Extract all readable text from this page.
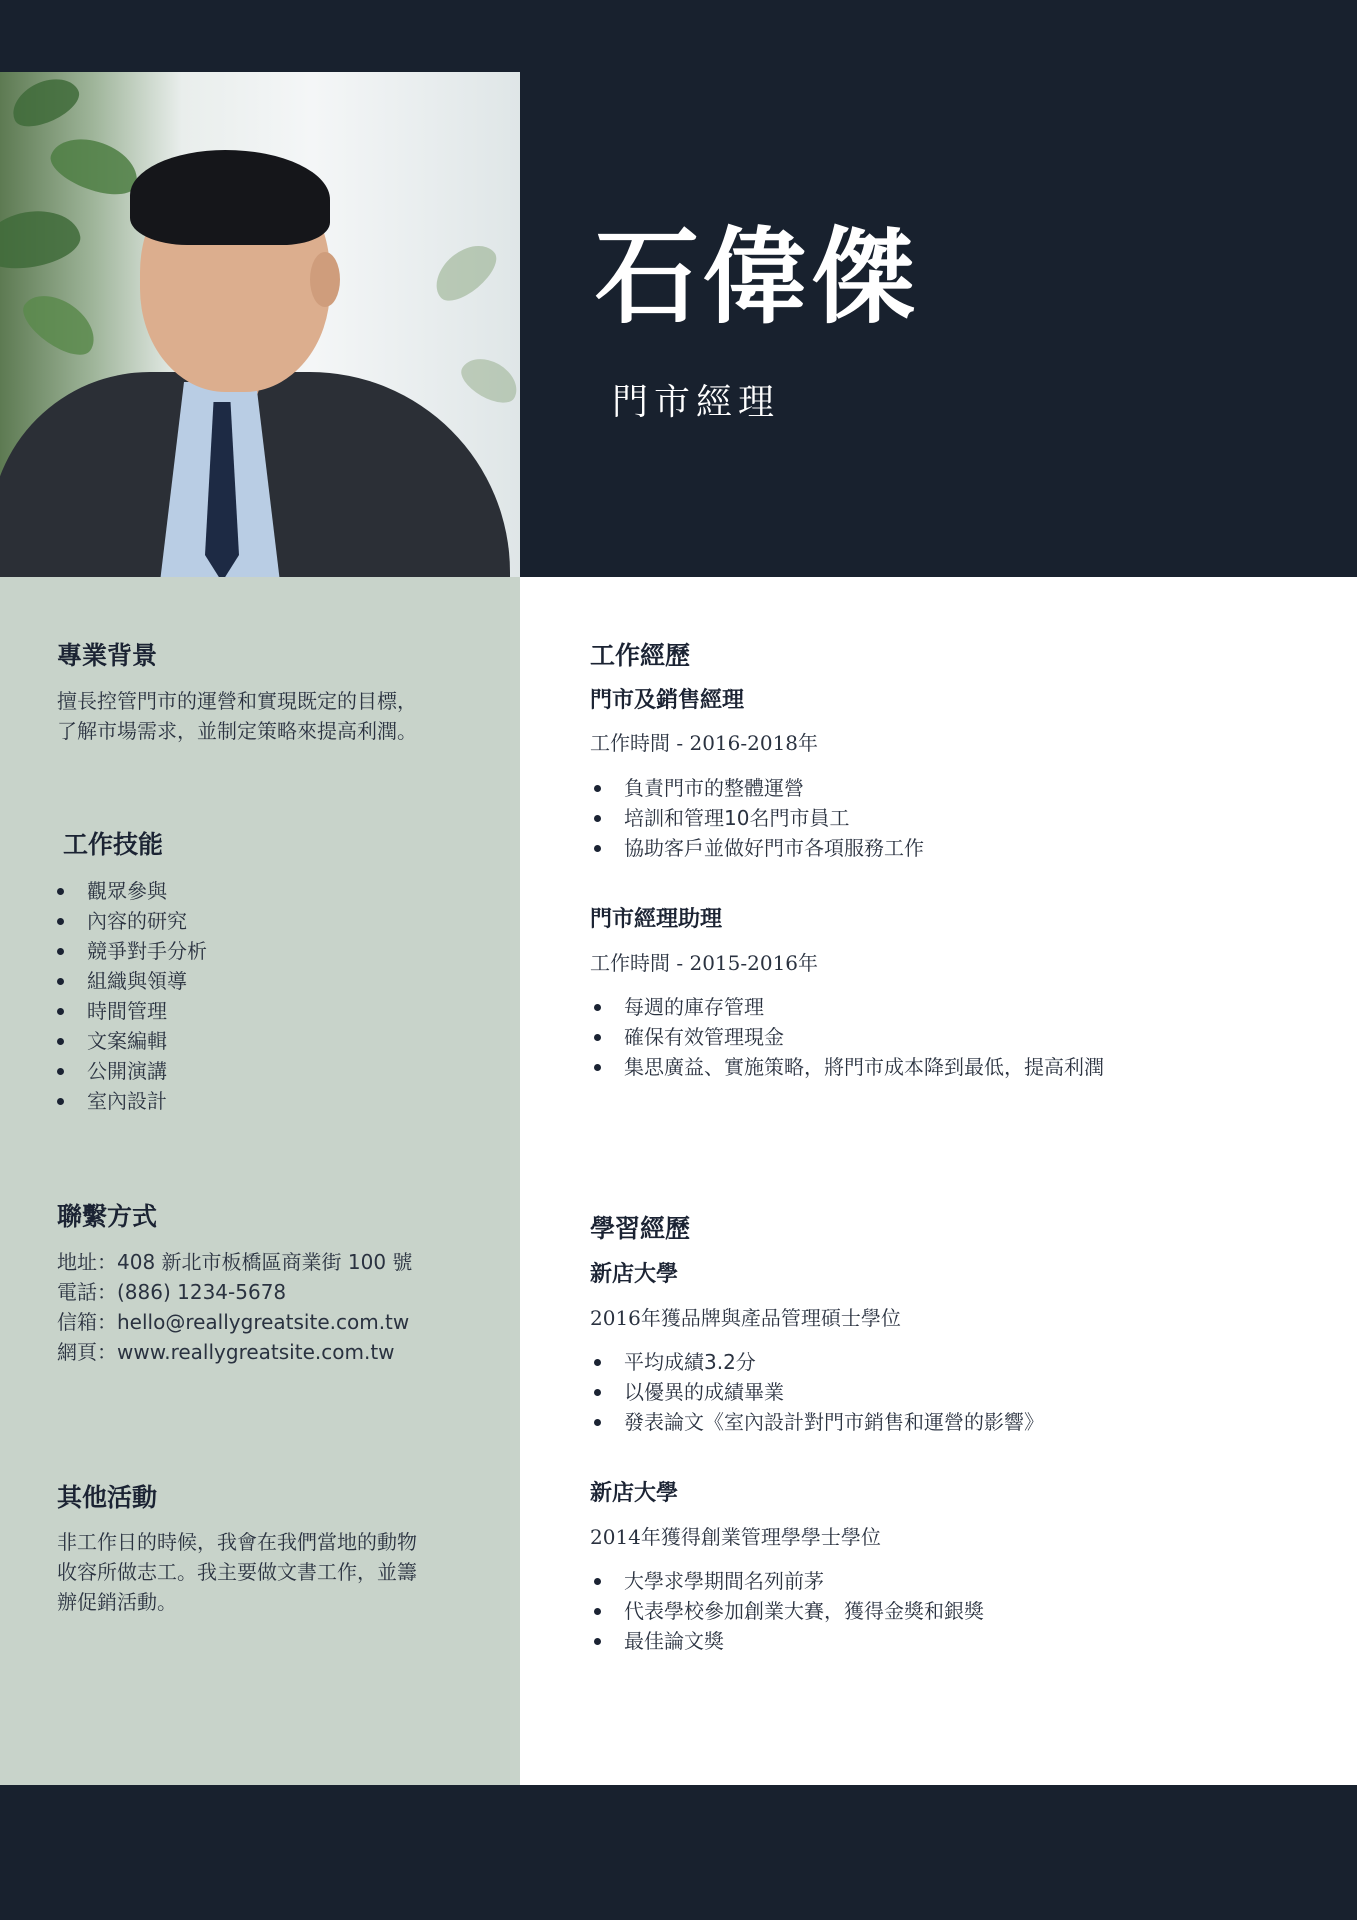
石偉傑
門市經理
專業背景
擅長控管門市的運營和實現既定的目標，
了解市場需求，並制定策略來提高利潤。
工作技能
觀眾參與
內容的研究
競爭對手分析
組織與領導
時間管理
文案編輯
公開演講
室內設計
聯繫方式
地址：408 新北市板橋區商業街 100 號
電話：(886) 1234-5678
信箱：hello@reallygreatsite.com.tw
網頁：www.reallygreatsite.com.tw
其他活動
非工作日的時候，我會在我們當地的動物
收容所做志工。我主要做文書工作，並籌
辦促銷活動。
工作經歷
門市及銷售經理
工作時間 - 2016-2018年
負責門市的整體運營
培訓和管理10名門市員工
協助客戶並做好門市各項服務工作
門市經理助理
工作時間 - 2015-2016年
每週的庫存管理
確保有效管理現金
集思廣益、實施策略，將門市成本降到最低，提高利潤
學習經歷
新店大學
2016年獲品牌與產品管理碩士學位
平均成績3.2分
以優異的成績畢業
發表論文《室內設計對門市銷售和運營的影響》
新店大學
2014年獲得創業管理學學士學位
大學求學期間名列前茅
代表學校參加創業大賽，獲得金獎和銀獎
最佳論文獎
